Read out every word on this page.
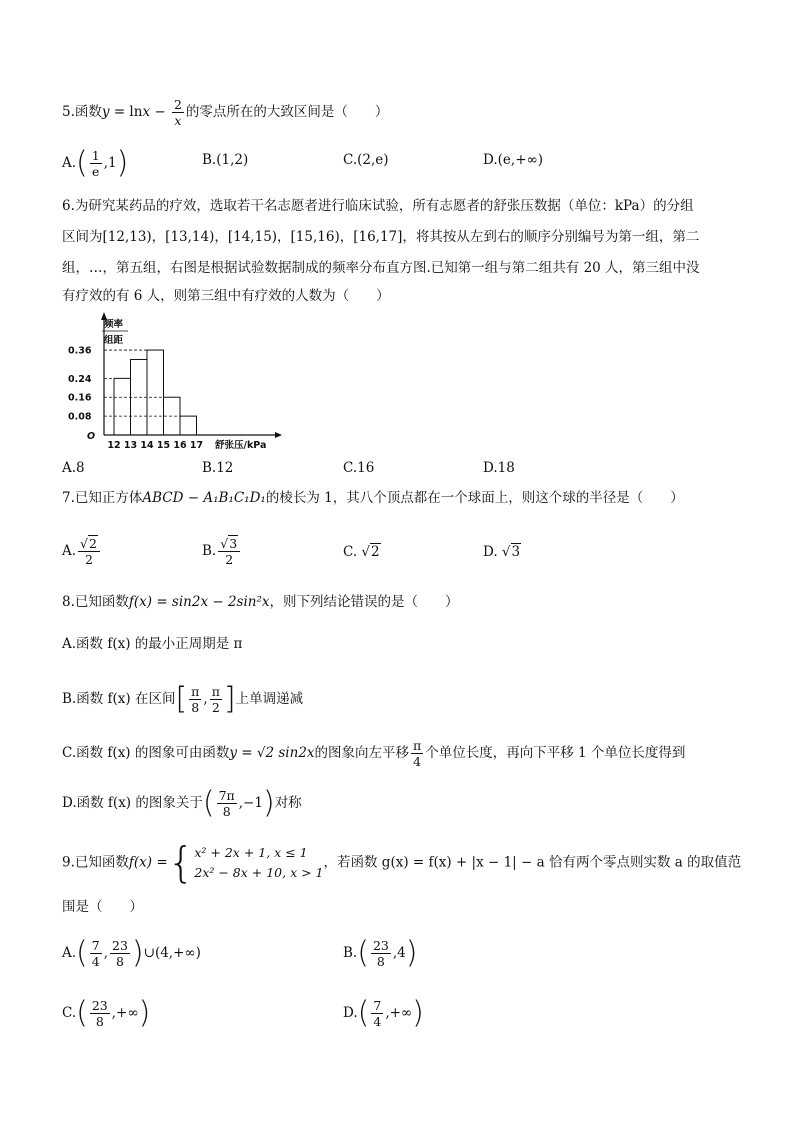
5.函数$y = \ln x - \frac{2}{x}$ 的零点所在的大致区间是（　　）
$A.( \frac{1}{e} ,1)$	B.(1,2)	C.(2,e)	D.(e,+∞)
6.为研究某药品的疗效，选取若干名志愿者进行临床试验，所有志愿者的舒张压数据（单位：kPa）的分组
区间为[12,13)，[13,14)，[14,15)，[15,16)，[16,17]，将其按从左到右的顺序分别编号为第一组，第二
组，…，第五组，右图是根据试验数据制成的频率分布直方图.已知第一组与第二组共有 20 人，第三组中没
有疗效的有 6 人，则第三组中有疗效的人数为（　　）
0.08
0.16
0.24
0.36
12 13 14 15 16 17
频率
组距
舒张压/kPa
O
A.8	B.12	C.16	D.18
7.已知正方体ABCD − A₁B₁C₁D₁的棱长为 1，其八个顶点都在一个球面上，则这个球的半径是（　　）
A. $\frac{√2}{2}$	B. $\frac{√3}{2}$	C. √2	D. √3
8.已知函数f(x) = sin2x − 2sin²x，则下列结论错误的是（　　）
A.函数 f(x) 的最小正周期是 π
B.函数 f(x) 在区间[ $\frac{\pi}{8}$ , $\frac{\pi}{2}$ ]上单调递减
C.函数 f(x) 的图象可由函数y = √2 sin2x的图象向左平移 $\frac{\pi}{4}$ 个单位长度，再向下平移 1 个单位长度得到
D.函数 f(x) 的图象关于( $\frac{7\pi}{8} ,-1$)对称
9.已知函数f(x) ={ x² + 2x + 1, x ≤ 1
2x² − 8x + 10, x > 1
，若函数 g(x) = f(x) + |x − 1| − a 恰有两个零点则实数 a 的取值范
围是（　　）
$A.( \frac{7}{4}$ , $\frac{23}{8}$ )∪(4,+∞)	$B.( \frac{23}{8} ,4)$
$C.( \frac{23}{8}$ ,+∞)	$D.( \frac{7}{4}$ ,+∞)
